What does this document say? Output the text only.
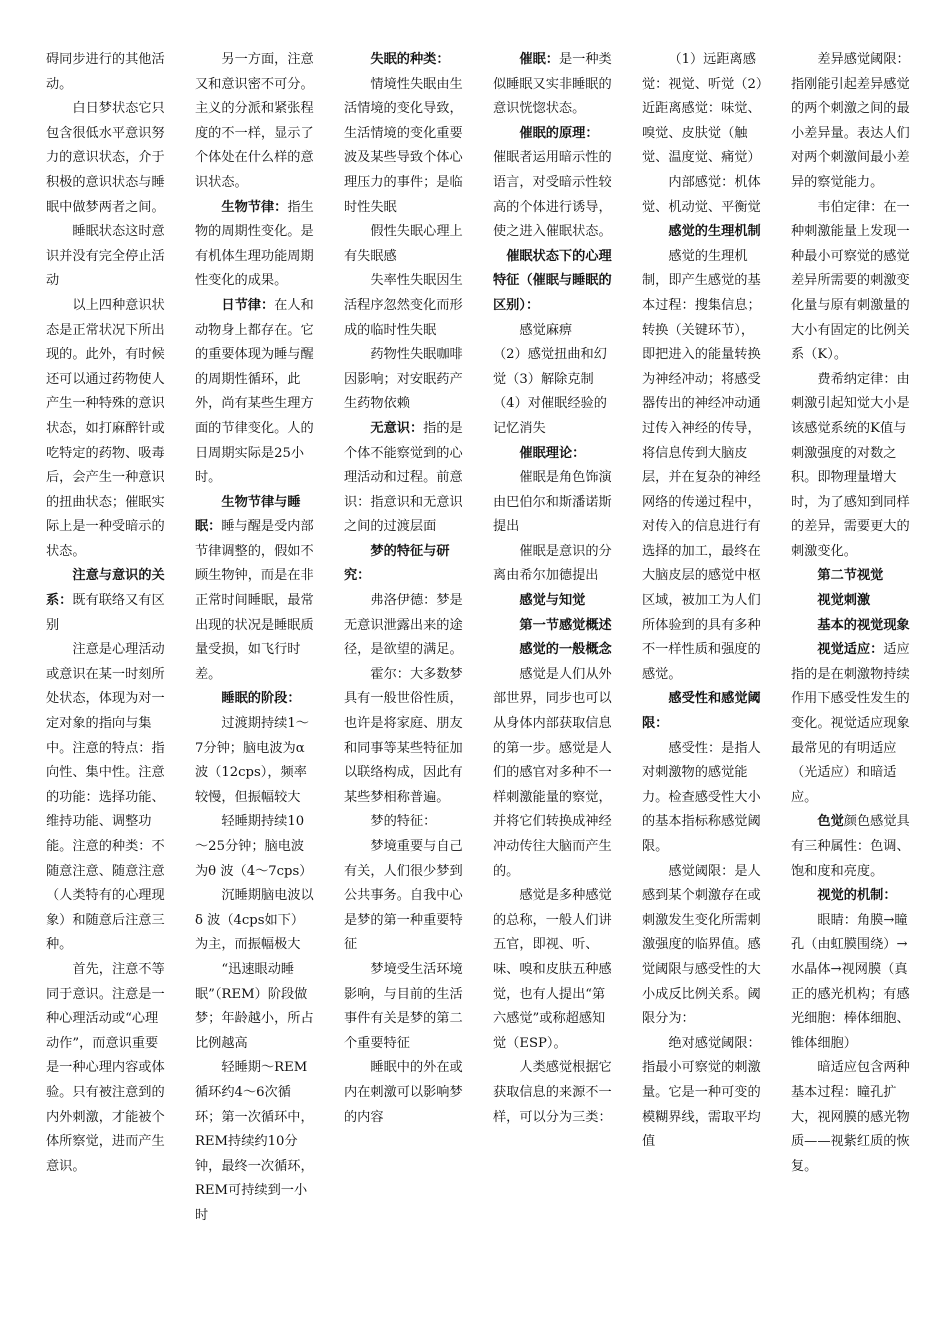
碍同步进行的其他活动。

白日梦状态它只包含很低水平意识努力的意识状态，介于积极的意识状态与睡眠中做梦两者之间。

睡眠状态这时意识并没有完全停止活动

以上四种意识状态是正常状况下所出现的。此外，有时候还可以通过药物使人产生一种特殊的意识状态，如打麻醉针或吃特定的药物、吸毒后，会产生一种意识的扭曲状态；催眠实际上是一种受暗示的状态。

注意与意识的关系：既有联络又有区别

注意是心理活动或意识在某一时刻所处状态，体现为对一定对象的指向与集中。注意的特点：指向性、集中性。注意的功能：选择功能、维持功能、调整功能。注意的种类：不随意注意、随意注意（人类特有的心理现象）和随意后注意三种。

首先，注意不等同于意识。注意是一种心理活动或“心理动作”，而意识重要是一种心理内容或体验。只有被注意到的内外刺激，才能被个体所察觉，进而产生意识。

另一方面，注意又和意识密不可分。主义的分派和紧张程度的不一样，显示了个体处在什么样的意识状态。

生物节律：指生物的周期性变化。是有机体生理功能周期性变化的成果。

日节律：在人和动物身上都存在。它的重要体现为睡与醒的周期性循环，此外，尚有某些生理方面的节律变化。人的日周期实际是25小时。

生物节律与睡眠：睡与醒是受内部节律调整的，假如不顾生物钟，而是在非正常时间睡眠，最常出现的状况是睡眠质量受损，如飞行时差。

睡眠的阶段：

过渡期持续1～7分钟；脑电波为α 波（12cps），频率较慢，但振幅较大

轻睡期持续10～25分钟；脑电波为θ 波（4～7cps）

沉睡期脑电波以δ 波（4cps如下）为主，而振幅极大

“迅速眼动睡眠”（REM）阶段做梦；年龄越小，所占比例越高

轻睡期～REM循环约4～6次循环；第一次循环中，REM持续约10分钟，最终一次循环，REM可持续到一小时

失眠的种类：

情境性失眠由生活情境的变化导致，生活情境的变化重要波及某些导致个体心理压力的事件；是临时性失眠

假性失眠心理上有失眠感

失率性失眠因生活程序忽然变化而形成的临时性失眠

药物性失眠咖啡因影响；对安眠药产生药物依赖

无意识：指的是个体不能察觉到的心理活动和过程。前意识：指意识和无意识之间的过渡层面

梦的特征与研究：

弗洛伊德：梦是无意识泄露出来的途径，是欲望的满足。

霍尔：大多数梦具有一般世俗性质，也许是将家庭、朋友和同事等某些特征加以联络构成，因此有某些梦相称普遍。

梦的特征：

梦境重要与自己有关，人们很少梦到公共事务。自我中心是梦的第一种重要特征

梦境受生活环境影响，与目前的生活事件有关是梦的第二个重要特征

睡眠中的外在或内在刺激可以影响梦的内容

催眠：是一种类似睡眠又实非睡眠的意识恍惚状态。

催眠的原理：

催眠者运用暗示性的语言，对受暗示性较高的个体进行诱导，使之进入催眠状态。

催眠状态下的心理特征（催眠与睡眠的区别）：

感觉麻痹

（2）感觉扭曲和幻觉（3）解除克制（4）对催眠经验的记忆消失

催眠理论：

催眠是角色饰演由巴伯尔和斯潘诺斯提出

催眠是意识的分离由希尔加德提出

感觉与知觉

第一节感觉概述

感觉的一般概念

感觉是人们从外部世界，同步也可以从身体内部获取信息的第一步。感觉是人们的感官对多种不一样刺激能量的察觉，并将它们转换成神经冲动传往大脑而产生的。

感觉是多种感觉的总称，一般人们讲五官，即视、听、味、嗅和皮肤五种感觉，也有人提出“第六感觉”或称超感知觉（ESP）。

人类感觉根据它获取信息的来源不一样，可以分为三类：

（1）远距离感觉：视觉、听觉（2）近距离感觉：味觉、嗅觉、皮肤觉（触觉、温度觉、痛觉）

内部感觉：机体觉、机动觉、平衡觉

感觉的生理机制

感觉的生理机制，即产生感觉的基本过程：搜集信息；转换（关键环节），即把进入的能量转换为神经冲动；将感受器传出的神经冲动通过传入神经的传导，将信息传到大脑皮层，并在复杂的神经网络的传递过程中，对传入的信息进行有选择的加工，最终在大脑皮层的感觉中枢区域，被加工为人们所体验到的具有多种不一样性质和强度的感觉。

感受性和感觉阈限：

感受性：是指人对刺激物的感觉能力。检查感受性大小的基本指标称感觉阈限。

感觉阈限：是人感到某个刺激存在或刺激发生变化所需刺激强度的临界值。感觉阈限与感受性的大小成反比例关系。阈限分为：

绝对感觉阈限：指最小可察觉的刺激量。它是一种可变的模糊界线，需取平均值

差异感觉阈限：指刚能引起差异感觉的两个刺激之间的最小差异量。表达人们对两个刺激间最小差异的察觉能力。

韦伯定律：在一种刺激能量上发现一种最小可察觉的感觉差异所需要的刺激变化量与原有刺激量的大小有固定的比例关系（K）。

费希纳定律：由刺激引起知觉大小是该感觉系统的K值与刺激强度的对数之积。即物理量增大时，为了感知到同样的差异，需要更大的刺激变化。

第二节视觉

视觉刺激

基本的视觉现象

视觉适应：适应指的是在刺激物持续作用下感受性发生的变化。视觉适应现象最常见的有明适应（光适应）和暗适应。

色觉颜色感觉具有三种属性：色调、饱和度和亮度。

视觉的机制：

眼睛：角膜→瞳孔（由虹膜围绕）→水晶体→视网膜（真正的感光机构；有感光细胞：棒体细胞、锥体细胞）

暗适应包含两种基本过程：瞳孔扩大，视网膜的感光物质——视紫红质的恢复。
